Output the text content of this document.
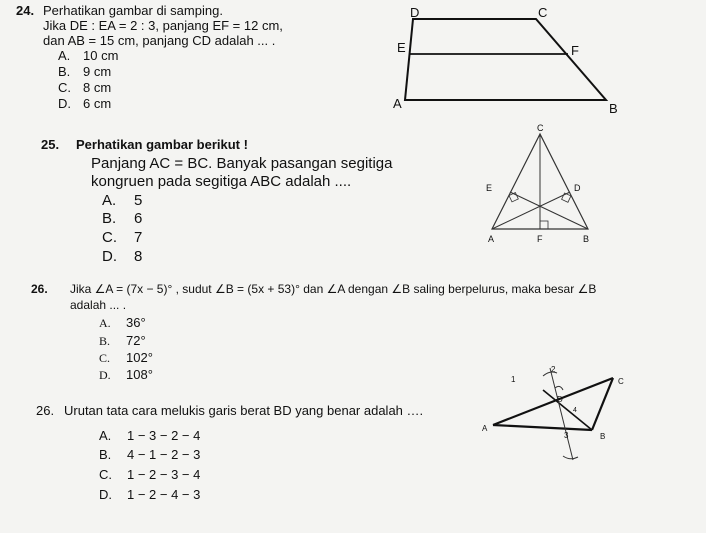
24. Perhatikan gambar di samping.
Jika DE : EA = 2 : 3, panjang EF = 12 cm,
dan AB = 15 cm, panjang CD adalah ... .
A. 10 cm
B. 9 cm
C. 8 cm
D. 6 cm
D	C
E	F
A	B
25. Perhatikan gambar berikut !
Panjang AC = BC. Banyak pasangan segitiga
kongruen pada segitiga ABC adalah ....
A. 5
B. 6
C. 7
D. 8
C
E	D
A	F	B
26. Jika ∠A = (7x − 5)° , sudut ∠B = (5x + 53)° dan ∠A dengan ∠B saling berpelurus, maka besar ∠B
adalah ... .
A. 36°
B. 72°
C. 102°
D. 108°
26. Urutan tata cara melukis garis berat BD yang benar adalah ….
A. 1 − 3 − 2 − 4
B. 4 − 1 − 2 − 3
C. 1 − 2 − 3 − 4
D. 1 − 2 − 4 − 3
1
2
C
D
4
A
3	B
